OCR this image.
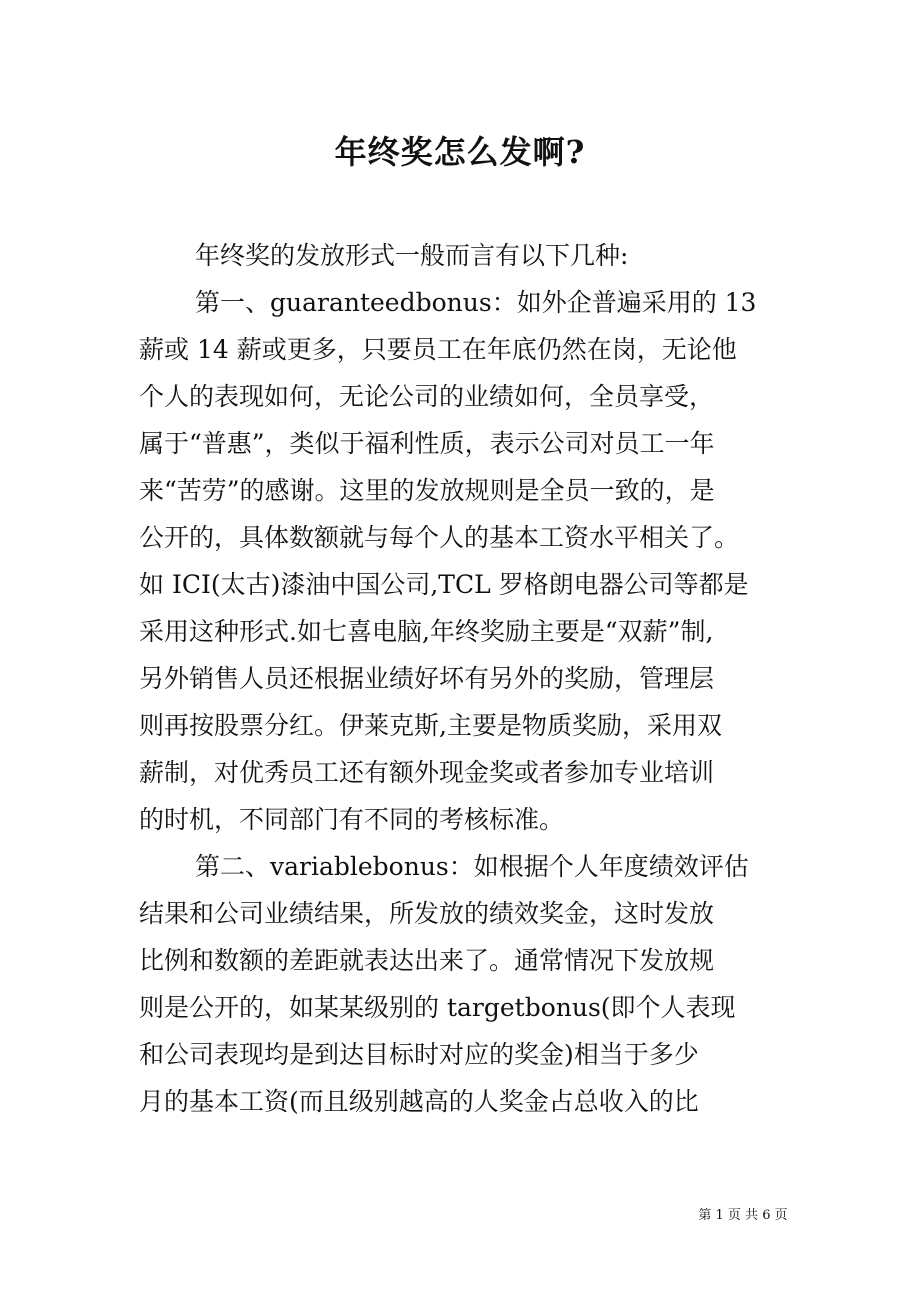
年终奖怎么发啊?
年终奖的发放形式一般而言有以下几种:
第一、guaranteedbonus：如外企普遍采用的 13
薪或 14 薪或更多，只要员工在年底仍然在岗，无论他
个人的表现如何，无论公司的业绩如何，全员享受，
属于“普惠”，类似于福利性质，表示公司对员工一年
来“苦劳”的感谢。这里的发放规则是全员一致的，是
公开的，具体数额就与每个人的基本工资水平相关了。
如 ICI(太古)漆油中国公司,TCL 罗格朗电器公司等都是
采用这种形式.如七喜电脑,年终奖励主要是“双薪”制,
另外销售人员还根据业绩好坏有另外的奖励，管理层
则再按股票分红。伊莱克斯,主要是物质奖励，采用双
薪制，对优秀员工还有额外现金奖或者参加专业培训
的时机，不同部门有不同的考核标准。
第二、variablebonus：如根据个人年度绩效评估
结果和公司业绩结果，所发放的绩效奖金，这时发放
比例和数额的差距就表达出来了。通常情况下发放规
则是公开的，如某某级别的 targetbonus(即个人表现
和公司表现均是到达目标时对应的奖金)相当于多少
月的基本工资(而且级别越高的人奖金占总收入的比
第 1 页 共 6 页
